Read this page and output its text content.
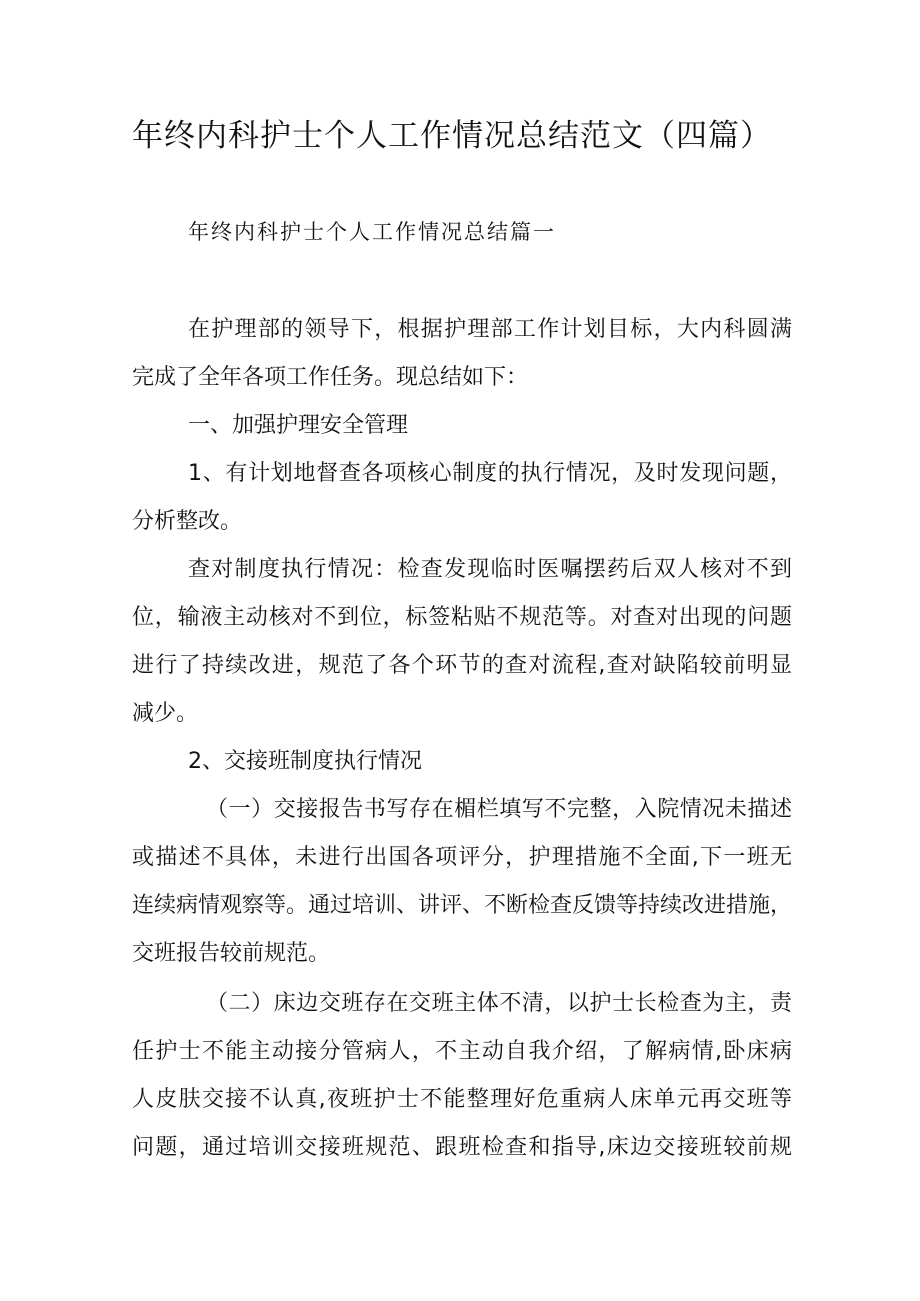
年终内科护士个人工作情况总结范文（四篇）
年终内科护士个人工作情况总结篇一
在护理部的领导下，根据护理部工作计划目标，大内科圆满
完成了全年各项工作任务。现总结如下：
一、加强护理安全管理
1、有计划地督查各项核心制度的执行情况，及时发现问题，
分析整改。
查对制度执行情况：检查发现临时医嘱摆药后双人核对不到
位，输液主动核对不到位，标签粘贴不规范等。对查对出现的问题
进行了持续改进，规范了各个环节的查对流程,查对缺陷较前明显
减少。
2、交接班制度执行情况
（一）交接报告书写存在楣栏填写不完整，入院情况未描述
或描述不具体，未进行出国各项评分，护理措施不全面,下一班无
连续病情观察等。通过培训、讲评、不断检查反馈等持续改进措施，
交班报告较前规范。
（二）床边交班存在交班主体不清，以护士长检查为主，责
任护士不能主动接分管病人，不主动自我介绍，了解病情,卧床病
人皮肤交接不认真,夜班护士不能整理好危重病人床单元再交班等
问题，通过培训交接班规范、跟班检查和指导,床边交接班较前规
